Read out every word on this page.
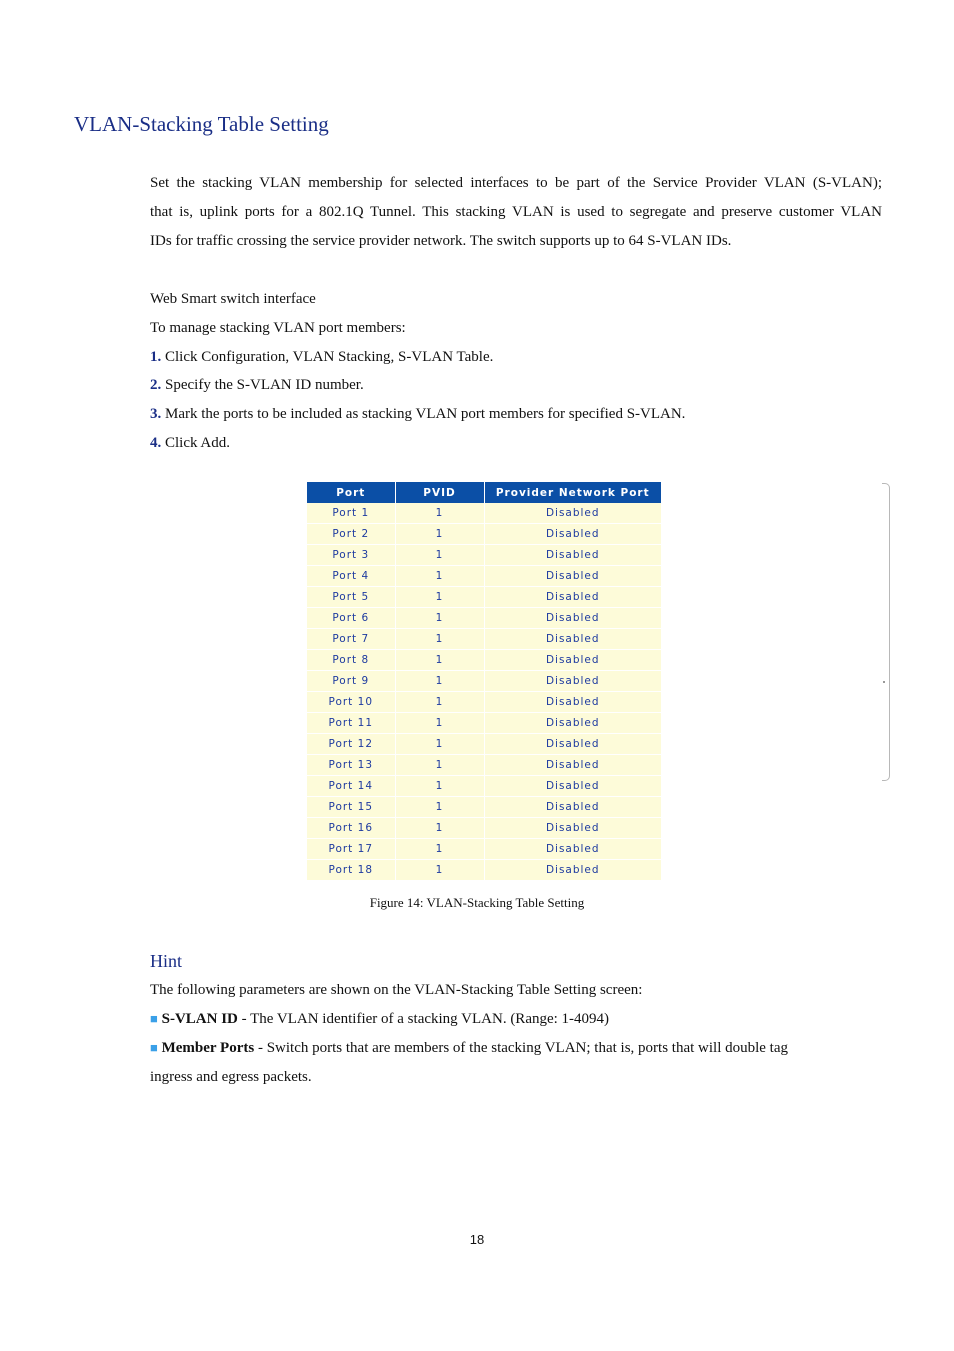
VLAN-Stacking Table Setting

Set the stacking VLAN membership for selected interfaces to be part of the Service Provider VLAN (S-VLAN);
that is, uplink ports for a 802.1Q Tunnel. This stacking VLAN is used to segregate and preserve customer VLAN
IDs for traffic crossing the service provider network. The switch supports up to 64 S-VLAN IDs.

Web Smart switch interface
To manage stacking VLAN port members:
1. Click Configuration, VLAN Stacking, S-VLAN Table.
2. Specify the S-VLAN ID number.
3. Mark the ports to be included as stacking VLAN port members for specified S-VLAN.
4. Click Add.
Port	PVID	Provider Network Port
Port 1	1	Disabled
Port 2	1	Disabled
Port 3	1	Disabled
Port 4	1	Disabled
Port 5	1	Disabled
Port 6	1	Disabled
Port 7	1	Disabled
Port 8	1	Disabled
Port 9	1	Disabled
Port 10	1	Disabled
Port 11	1	Disabled
Port 12	1	Disabled
Port 13	1	Disabled
Port 14	1	Disabled
Port 15	1	Disabled
Port 16	1	Disabled
Port 17	1	Disabled
Port 18	1	Disabled
Figure 14: VLAN-Stacking Table Setting
Hint
The following parameters are shown on the VLAN-Stacking Table Setting screen:
■ S-VLAN ID - The VLAN identifier of a stacking VLAN. (Range: 1-4094)
■ Member Ports - Switch ports that are members of the stacking VLAN; that is, ports that will double tag
ingress and egress packets.
18
